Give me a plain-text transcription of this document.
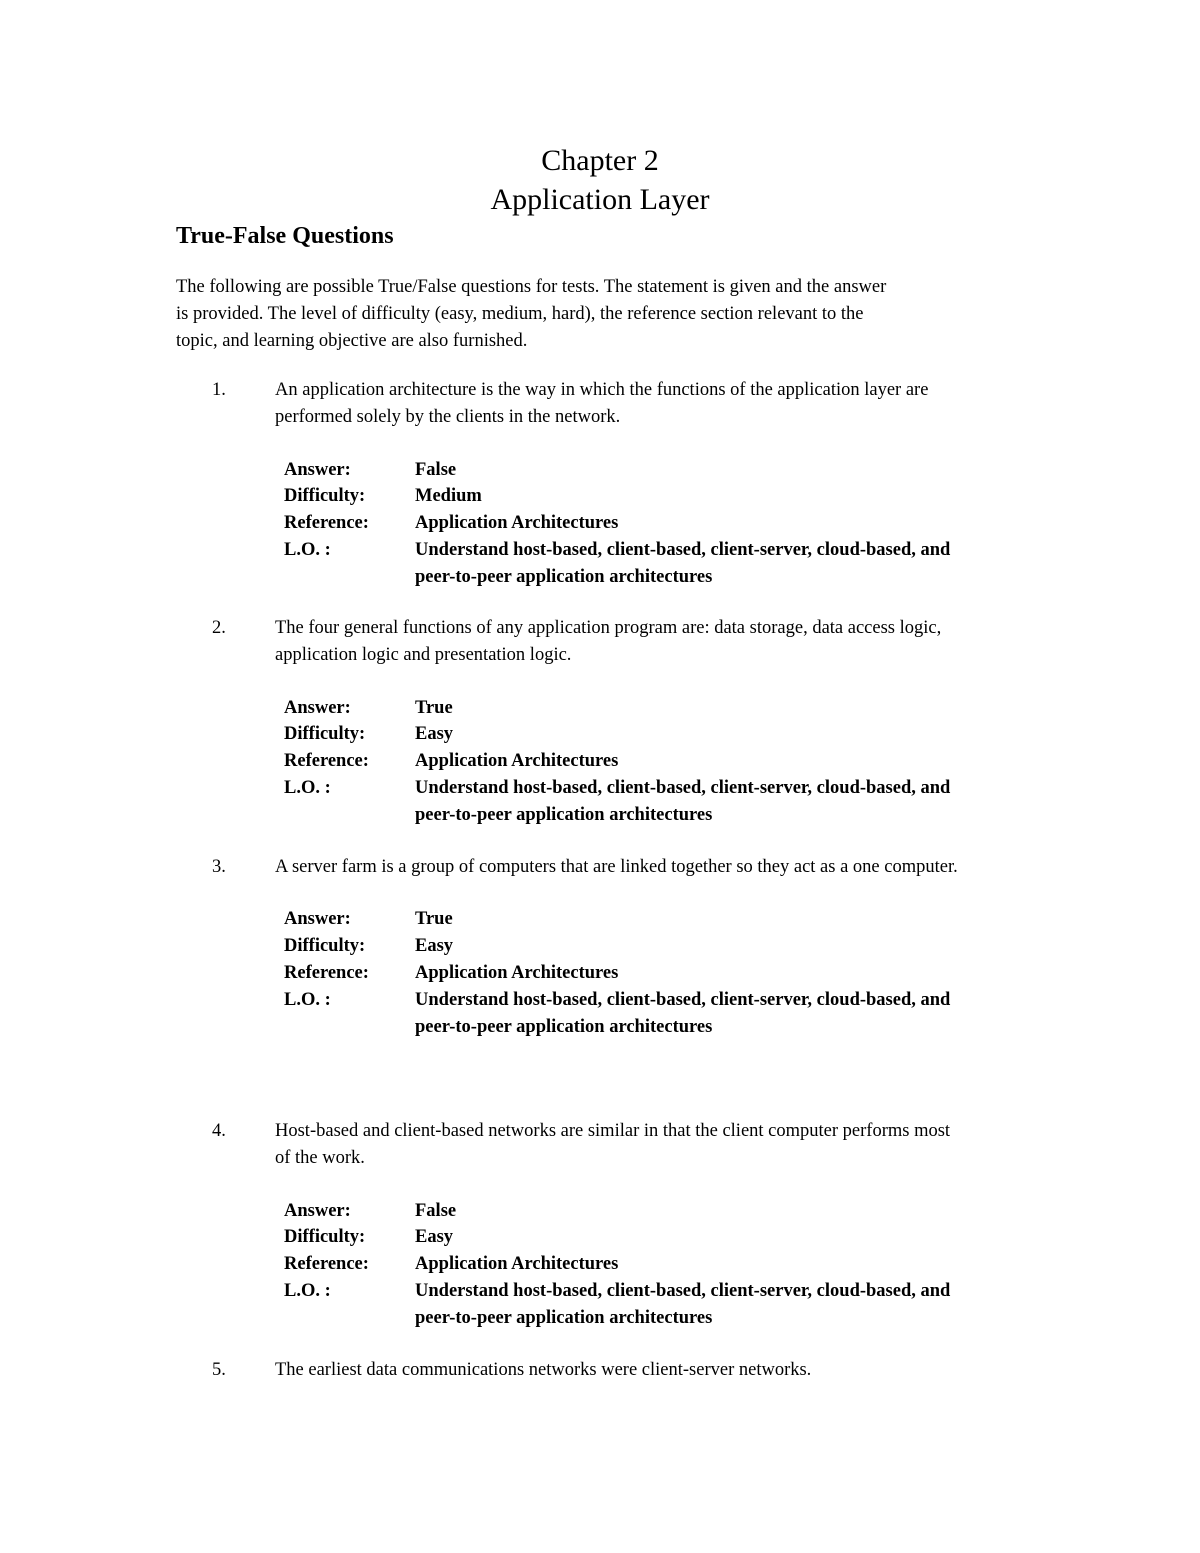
Chapter 2
Application Layer
True-False Questions
The following are possible True/False questions for tests. The statement is given and the answer
is provided. The level of difficulty (easy, medium, hard), the reference section relevant to the
topic, and learning objective are also furnished.
1.	An application architecture is the way in which the functions of the application layer are
performed solely by the clients in the network.
Answer:	False
Difficulty:	Medium
Reference: Application Architectures
L.O. :	Understand host-based, client-based, client-server, cloud-based, and
peer-to-peer application architectures
2.	The four general functions of any application program are: data storage, data access logic,
application logic and presentation logic.
Answer:	True
Difficulty:	Easy
Reference: Application Architectures
L.O. :	Understand host-based, client-based, client-server, cloud-based, and
peer-to-peer application architectures
3.	A server farm is a group of computers that are linked together so they act as a one computer.
Answer:	True
Difficulty:	Easy
Reference: Application Architectures
L.O. :	Understand host-based, client-based, client-server, cloud-based, and
peer-to-peer application architectures
4.	Host-based and client-based networks are similar in that the client computer performs most
of the work.
Answer:	False
Difficulty:	Easy
Reference: Application Architectures
L.O. :	Understand host-based, client-based, client-server, cloud-based, and
peer-to-peer application architectures
5.	The earliest data communications networks were client-server networks.
